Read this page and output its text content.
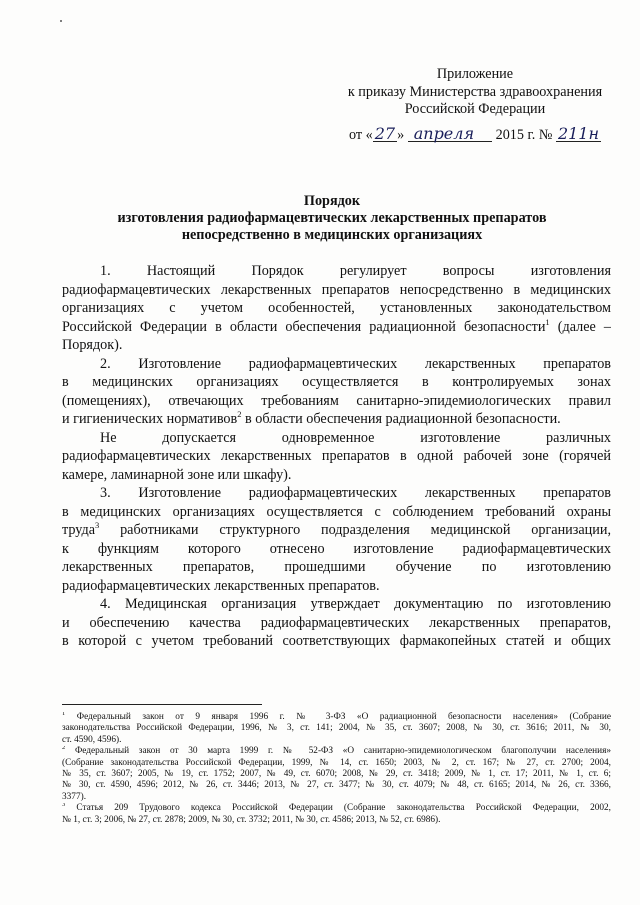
Приложение
к приказу Министерства здравоохранения
Российской Федерации
от « 27 » апреля 2015 г. № 211н
Порядок
изготовления радиофармацевтических лекарственных препаратов
непосредственно в медицинских организациях
1. Настоящий Порядок регулирует вопросы изготовления
радиофармацевтических лекарственных препаратов непосредственно в медицинских
организациях с учетом особенностей, установленных законодательством
Российской Федерации в области обеспечения радиационной безопасности$^1$ (далее –
Порядок).
2. Изготовление радиофармацевтических лекарственных препаратов
в медицинских организациях осуществляется в контролируемых зонах
(помещениях), отвечающих требованиям санитарно-эпидемиологических правил
и гигиенических нормативов$^2$ в области обеспечения радиационной безопасности.
Не допускается одновременное изготовление различных
радиофармацевтических лекарственных препаратов в одной рабочей зоне (горячей
камере, ламинарной зоне или шкафу).
3. Изготовление радиофармацевтических лекарственных препаратов
в медицинских организациях осуществляется с соблюдением требований охраны
труда$^3$ работниками структурного подразделения медицинской организации,
к функциям которого отнесено изготовление радиофармацевтических
лекарственных препаратов, прошедшими обучение по изготовлению
радиофармацевтических лекарственных препаратов.
4. Медицинская организация утверждает документацию по изготовлению
и обеспечению качества радиофармацевтических лекарственных препаратов,
в которой с учетом требований соответствующих фармакопейных статей и общих
$^1$ Федеральный закон от 9 января 1996 г. № 3-ФЗ «О радиационной безопасности населения» (Собрание
законодательства Российской Федерации, 1996, № 3, ст. 141; 2004, № 35, ст. 3607; 2008, № 30, ст. 3616; 2011, № 30,
ст. 4590, 4596).
$^2$ Федеральный закон от 30 марта 1999 г. № 52-ФЗ «О санитарно-эпидемиологическом благополучии населения»
(Собрание законодательства Российской Федерации, 1999, № 14, ст. 1650; 2003, № 2, ст. 167; № 27, ст. 2700; 2004,
№ 35, ст. 3607; 2005, № 19, ст. 1752; 2007, № 49, ст. 6070; 2008, № 29, ст. 3418; 2009, № 1, ст. 17; 2011, № 1, ст. 6;
№ 30, ст. 4590, 4596; 2012, № 26, ст. 3446; 2013, № 27, ст. 3477; № 30, ст. 4079; № 48, ст. 6165; 2014, № 26, ст. 3366,
3377).
$^3$ Статья 209 Трудового кодекса Российской Федерации (Собрание законодательства Российской Федерации, 2002,
№ 1, ст. 3; 2006, № 27, ст. 2878; 2009, № 30, ст. 3732; 2011, № 30, ст. 4586; 2013, № 52, ст. 6986).
